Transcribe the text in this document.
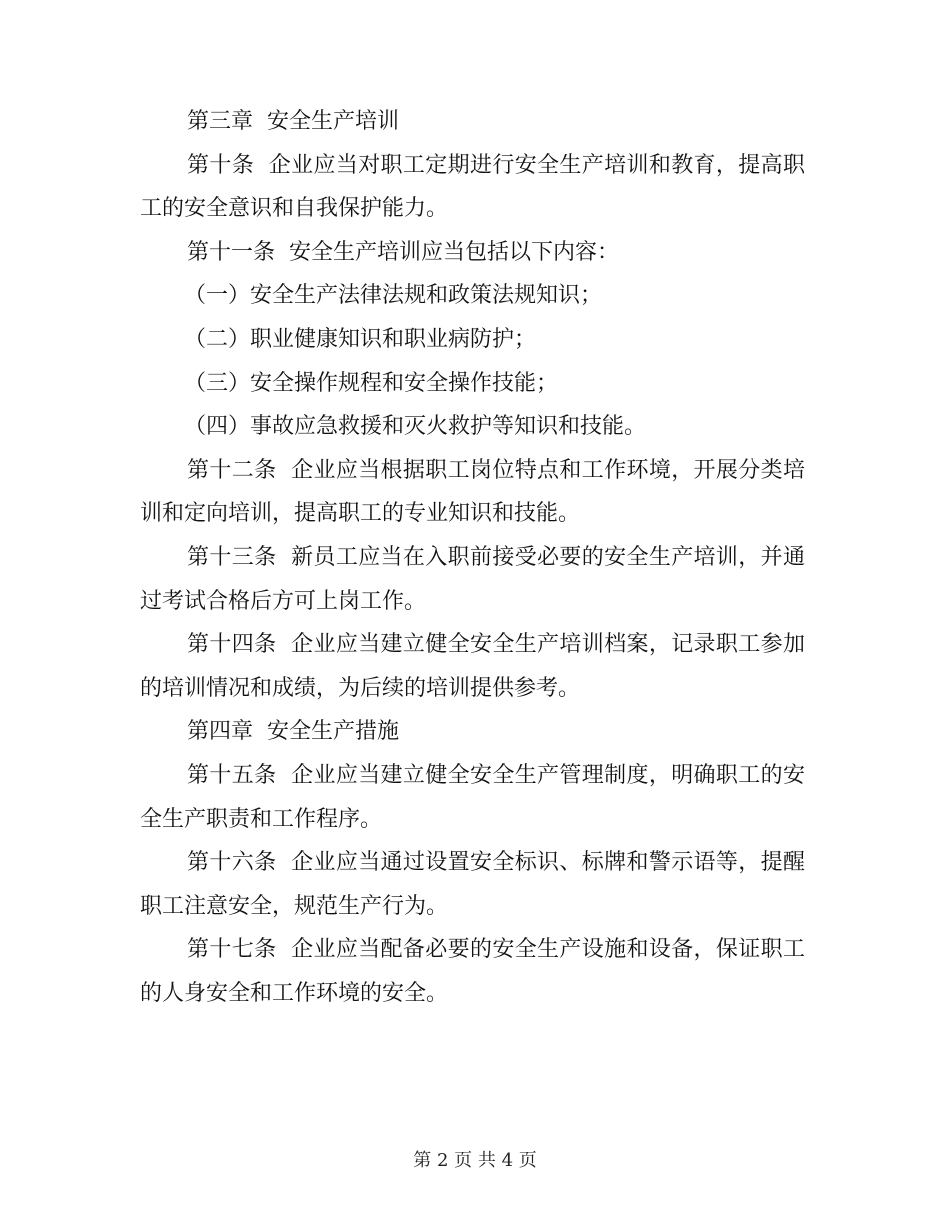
第三章  安全生产培训

第十条  企业应当对职工定期进行安全生产培训和教育，提高职工的安全意识和自我保护能力。

第十一条  安全生产培训应当包括以下内容：

（一）安全生产法律法规和政策法规知识；

（二）职业健康知识和职业病防护；

（三）安全操作规程和安全操作技能；

（四）事故应急救援和灭火救护等知识和技能。

第十二条  企业应当根据职工岗位特点和工作环境，开展分类培训和定向培训，提高职工的专业知识和技能。

第十三条  新员工应当在入职前接受必要的安全生产培训，并通过考试合格后方可上岗工作。

第十四条  企业应当建立健全安全生产培训档案，记录职工参加的培训情况和成绩，为后续的培训提供参考。

第四章  安全生产措施

第十五条  企业应当建立健全安全生产管理制度，明确职工的安全生产职责和工作程序。

第十六条  企业应当通过设置安全标识、标牌和警示语等，提醒职工注意安全，规范生产行为。

第十七条  企业应当配备必要的安全生产设施和设备，保证职工的人身安全和工作环境的安全。

第 2 页 共 4 页
